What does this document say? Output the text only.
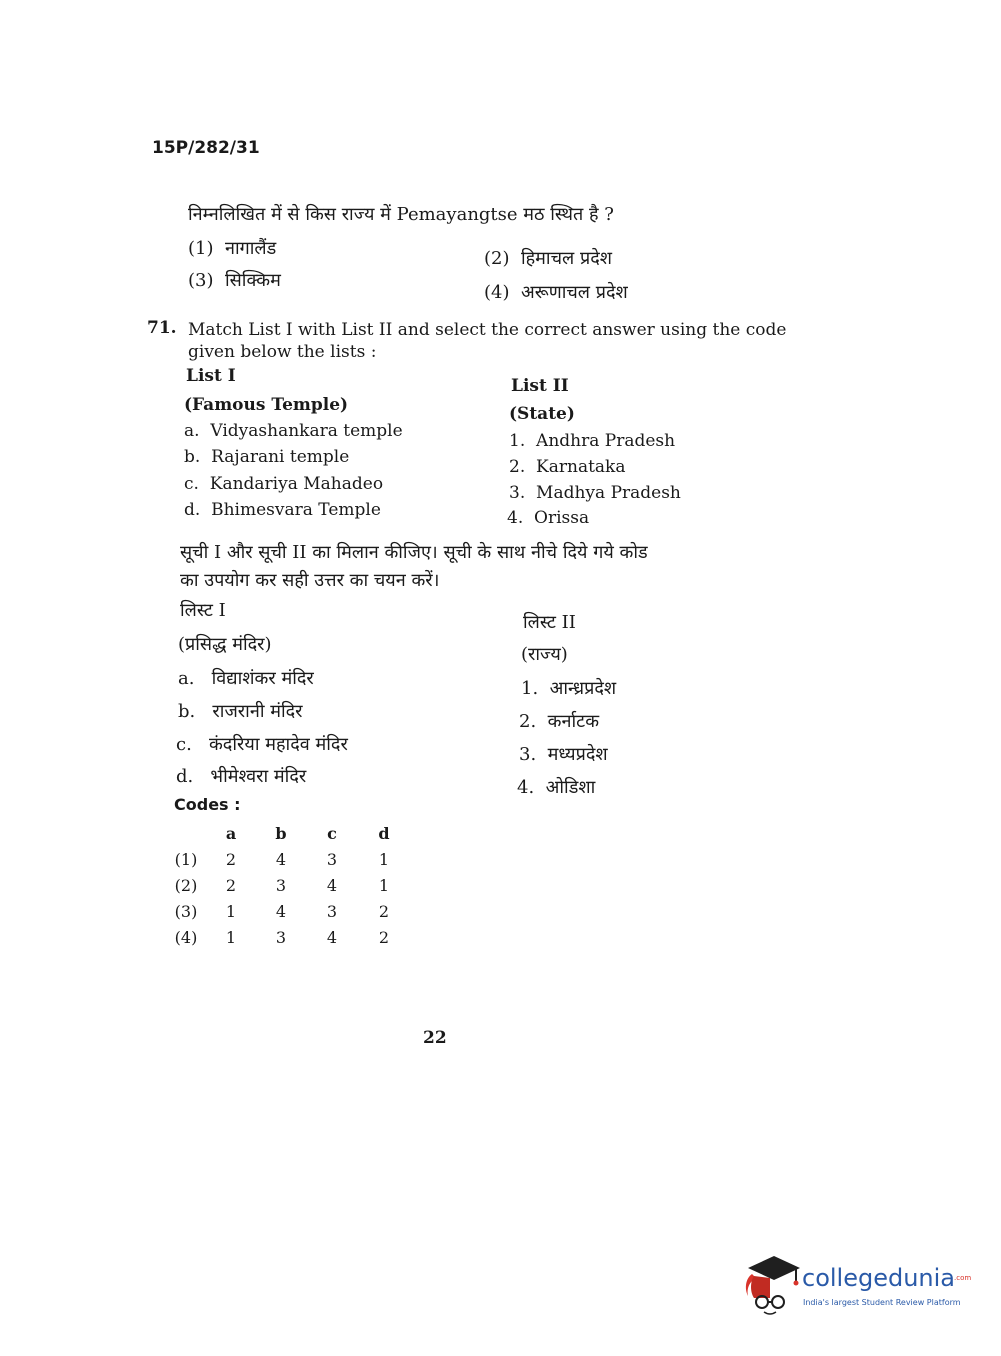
15P/282/31
निम्नलिखित में से किस राज्य में Pemayangtse मठ स्थित है ?
(1) नागालैंड	(2) हिमाचल प्रदेश
(3) सिक्किम
(4) अरूणाचल प्रदेश
71. Match List I with List II and select the correct answer using the code
given below the lists :
List I
(Famous Temple)
a. Vidyashankara temple
b. Rajarani temple
c. Kandariya Mahadeo
d. Bhimesvara Temple
List II
(State)
1. Andhra Pradesh
2. Karnataka
3. Madhya Pradesh
4. Orissa
सूची I और सूची II का मिलान कीजिए। सूची के साथ नीचे दिये गये कोड
का उपयोग कर सही उत्तर का चयन करें।
लिस्ट I
(प्रसिद्ध मंदिर)
a. विद्याशंकर मंदिर
b. राजरानी मंदिर
c. कंदरिया महादेव मंदिर
d. भीमेश्वरा मंदिर
लिस्ट II
(राज्य)
1. आन्ध्रप्रदेश
2. कर्नाटक
3. मध्यप्रदेश
4. ओडिशा
Codes :
	a	b	c	d
(1)	2	4	3	1
(2)	2	3	4	1
(3)	1	4	3	2
(4)	1	3	4	2
22
collegedunia
.com
India's largest Student Review Platform
